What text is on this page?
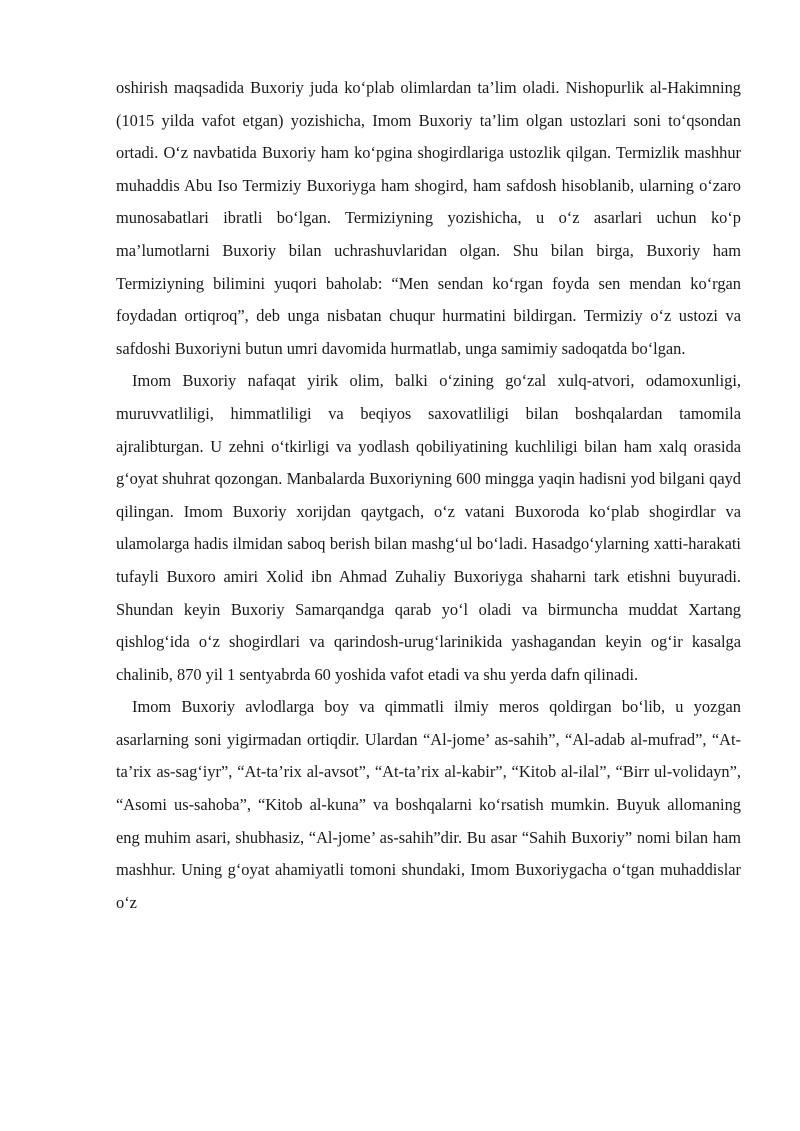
oshirish maqsadida Buxoriy juda ko‘plab olimlardan ta’lim oladi. Nishopurlik al-Hakimning (1015 yilda vafot etgan) yozishicha, Imom Buxoriy ta’lim olgan ustozlari soni to‘qsondan ortadi. O‘z navbatida Buxoriy ham ko‘pgina shogirdlariga ustozlik qilgan. Termizlik mashhur muhaddis Abu Iso Termiziy Buxoriyga ham shogird, ham safdosh hisoblanib, ularning o‘zaro munosabatlari ibratli bo‘lgan. Termiziyning yozishicha, u o‘z asarlari uchun ko‘p ma’lumotlarni Buxoriy bilan uchrashuvlaridan olgan. Shu bilan birga, Buxoriy ham Termiziyning bilimini yuqori baholab: “Men sendan ko‘rgan foyda sen mendan ko‘rgan foydadan ortiqroq”, deb unga nisbatan chuqur hurmatini bildirgan. Termiziy o‘z ustozi va safdoshi Buxoriyni butun umri davomida hurmatlab, unga samimiy sadoqatda bo‘lgan.

Imom Buxoriy nafaqat yirik olim, balki o‘zining go‘zal xulq-atvori, odamoxunligi, muruvvatliligi, himmatliligi va beqiyos saxovatliligi bilan boshqalardan tamomila ajralibturgan. U zehni o‘tkirligi va yodlash qobiliyatining kuchliligi bilan ham xalq orasida g‘oyat shuhrat qozongan. Manbalarda Buxoriyning 600 mingga yaqin hadisni yod bilgani qayd qilingan. Imom Buxoriy xorijdan qaytgach, o‘z vatani Buxoroda ko‘plab shogirdlar va ulamolarga hadis ilmidan saboq berish bilan mashg‘ul bo‘ladi. Hasadgo‘ylarning xatti-harakati tufayli Buxoro amiri Xolid ibn Ahmad Zuhaliy Buxoriyga shaharni tark etishni buyuradi. Shundan keyin Buxoriy Samarqandga qarab yo‘l oladi va birmuncha muddat Xartang qishlog‘ida o‘z shogirdlari va qarindosh-urug‘larinikida yashagandan keyin og‘ir kasalga chalinib, 870 yil 1 sentyabrda 60 yoshida vafot etadi va shu yerda dafn qilinadi.

Imom Buxoriy avlodlarga boy va qimmatli ilmiy meros qoldirgan bo‘lib, u yozgan asarlarning soni yigirmadan ortiqdir. Ulardan “Al-jome’ as-sahih”, “Al-adab al-mufrad”, “At-ta’rix as-sag‘iyr”, “At-ta’rix al-avsot”, “At-ta’rix al-kabir”, “Kitob al-ilal”, “Birr ul-volidayn”, “Asomi us-sahoba”, “Kitob al-kuna” va boshqalarni ko‘rsatish mumkin. Buyuk allomaning eng muhim asari, shubhasiz, “Al-jome’ as-sahih”dir. Bu asar “Sahih Buxoriy” nomi bilan ham mashhur. Uning g‘oyat ahamiyatli tomoni shundaki, Imom Buxoriygacha o‘tgan muhaddislar o‘z
